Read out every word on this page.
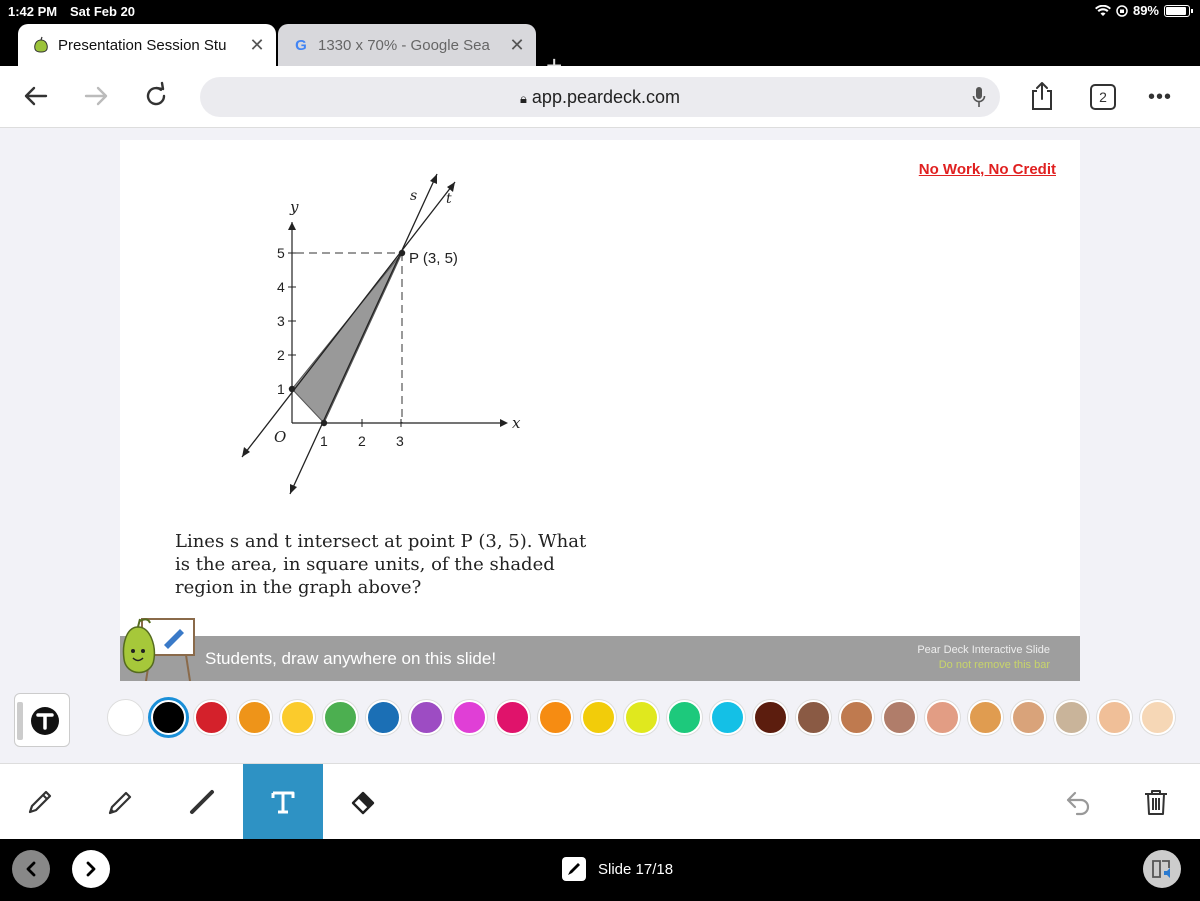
1:42 PM Sat Feb 20	89%
Presentation Session Stu	✕ G 1330 x 70% - Google Sea	✕
🔒︎ app.peardeck.com	2	•••
No Work, No Credit
x
y
O
5
4
3
2
1
1 2 3
s t
P (3, 5)
Lines s and t intersect at point P (3, 5). What
is the area, in square units, of the shaded
region in the graph above?
Students, draw anywhere on this slide!	Pear Deck Interactive Slide
Do not remove this bar
Slide 17/18
